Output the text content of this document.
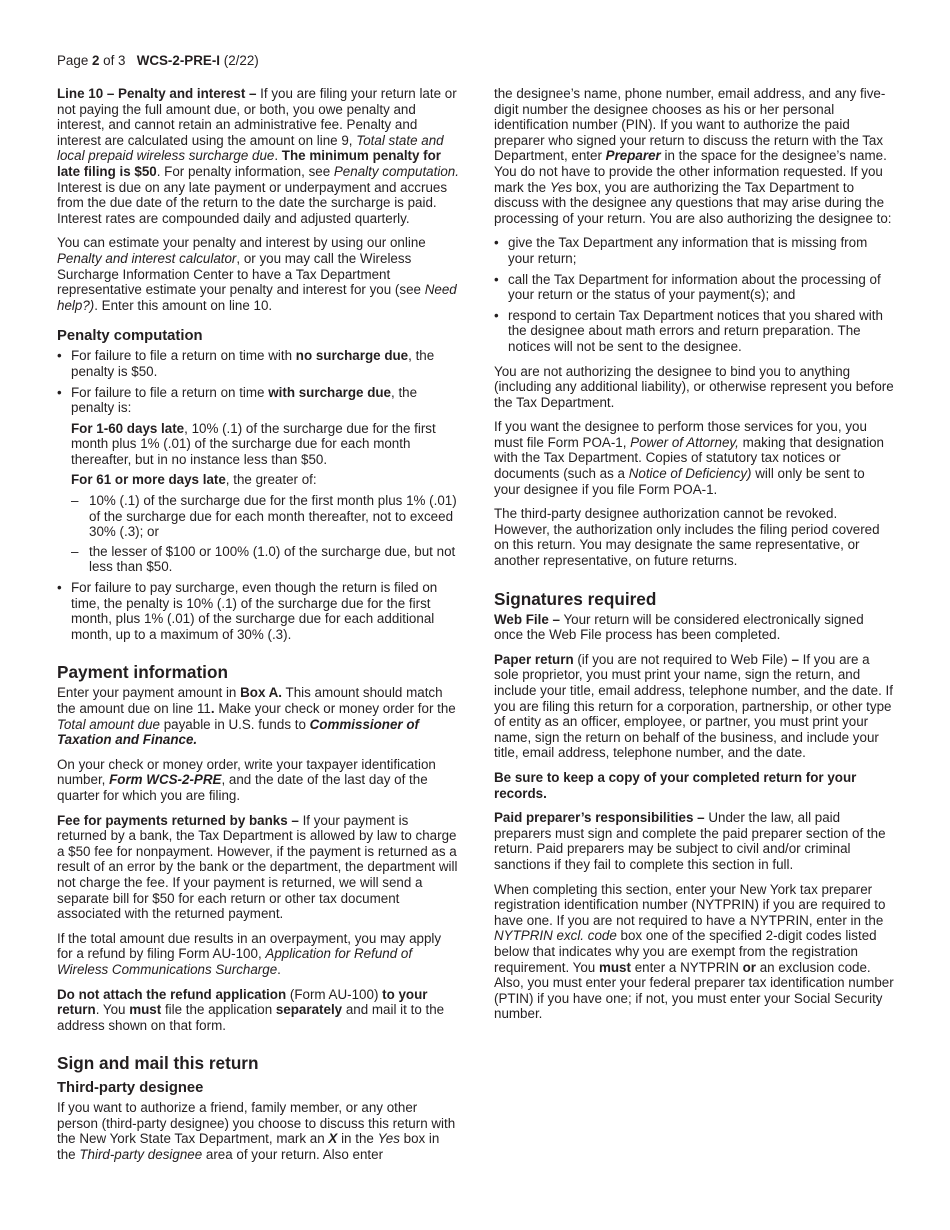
Page 2 of 3 WCS-2-PRE-I (2/22)

Line 10 – Penalty and interest – If you are filing your return late or not paying the full amount due, or both, you owe penalty and interest, and cannot retain an administrative fee. Penalty and interest are calculated using the amount on line 9, Total state and local prepaid wireless surcharge due. The minimum penalty for late filing is $50. For penalty information, see Penalty computation. Interest is due on any late payment or underpayment and accrues from the due date of the return to the date the surcharge is paid. Interest rates are compounded daily and adjusted quarterly.

You can estimate your penalty and interest by using our online Penalty and interest calculator, or you may call the Wireless Surcharge Information Center to have a Tax Department representative estimate your penalty and interest for you (see Need help?). Enter this amount on line 10.

Penalty computation
• For failure to file a return on time with no surcharge due, the penalty is $50.
• For failure to file a return on time with surcharge due, the penalty is:
For 1-60 days late, 10% (.1) of the surcharge due for the first month plus 1% (.01) of the surcharge due for each month thereafter, but in no instance less than $50.
For 61 or more days late, the greater of:
– 10% (.1) of the surcharge due for the first month plus 1% (.01) of the surcharge due for each month thereafter, not to exceed 30% (.3); or
– the lesser of $100 or 100% (1.0) of the surcharge due, but not less than $50.
• For failure to pay surcharge, even though the return is filed on time, the penalty is 10% (.1) of the surcharge due for the first month, plus 1% (.01) of the surcharge due for each additional month, up to a maximum of 30% (.3).
Payment information

Enter your payment amount in Box A. This amount should match the amount due on line 11. Make your check or money order for the Total amount due payable in U.S. funds to Commissioner of Taxation and Finance.

On your check or money order, write your taxpayer identification number, Form WCS-2-PRE, and the date of the last day of the quarter for which you are filing.

Fee for payments returned by banks – If your payment is returned by a bank, the Tax Department is allowed by law to charge a $50 fee for nonpayment. However, if the payment is returned as a result of an error by the bank or the department, the department will not charge the fee. If your payment is returned, we will send a separate bill for $50 for each return or other tax document associated with the returned payment.

If the total amount due results in an overpayment, you may apply for a refund by filing Form AU-100, Application for Refund of Wireless Communications Surcharge.

Do not attach the refund application (Form AU-100) to your return. You must file the application separately and mail it to the address shown on that form.

Sign and mail this return
Third-party designee

If you want to authorize a friend, family member, or any other person (third-party designee) you choose to discuss this return with the New York State Tax Department, mark an X in the Yes box in the Third-party designee area of your return. Also enter

the designee’s name, phone number, email address, and any five-digit number the designee chooses as his or her personal identification number (PIN). If you want to authorize the paid preparer who signed your return to discuss the return with the Tax Department, enter Preparer in the space for the designee’s name. You do not have to provide the other information requested. If you mark the Yes box, you are authorizing the Tax Department to discuss with the designee any questions that may arise during the processing of your return. You are also authorizing the designee to:

• give the Tax Department any information that is missing from your return;
• call the Tax Department for information about the processing of your return or the status of your payment(s); and
• respond to certain Tax Department notices that you shared with the designee about math errors and return preparation. The notices will not be sent to the designee.

You are not authorizing the designee to bind you to anything (including any additional liability), or otherwise represent you before the Tax Department.

If you want the designee to perform those services for you, you must file Form POA-1, Power of Attorney, making that designation with the Tax Department. Copies of statutory tax notices or documents (such as a Notice of Deficiency) will only be sent to your designee if you file Form POA-1.

The third-party designee authorization cannot be revoked. However, the authorization only includes the filing period covered on this return. You may designate the same representative, or another representative, on future returns.

Signatures required

Web File – Your return will be considered electronically signed once the Web File process has been completed.

Paper return (if you are not required to Web File) – If you are a sole proprietor, you must print your name, sign the return, and include your title, email address, telephone number, and the date. If you are filing this return for a corporation, partnership, or other type of entity as an officer, employee, or partner, you must print your name, sign the return on behalf of the business, and include your title, email address, telephone number, and the date.

Be sure to keep a copy of your completed return for your records.

Paid preparer’s responsibilities – Under the law, all paid preparers must sign and complete the paid preparer section of the return. Paid preparers may be subject to civil and/or criminal sanctions if they fail to complete this section in full.

When completing this section, enter your New York tax preparer registration identification number (NYTPRIN) if you are required to have one. If you are not required to have a NYTPRIN, enter in the NYTPRIN excl. code box one of the specified 2-digit codes listed below that indicates why you are exempt from the registration requirement. You must enter a NYTPRIN or an exclusion code. Also, you must enter your federal preparer tax identification number (PTIN) if you have one; if not, you must enter your Social Security number.
